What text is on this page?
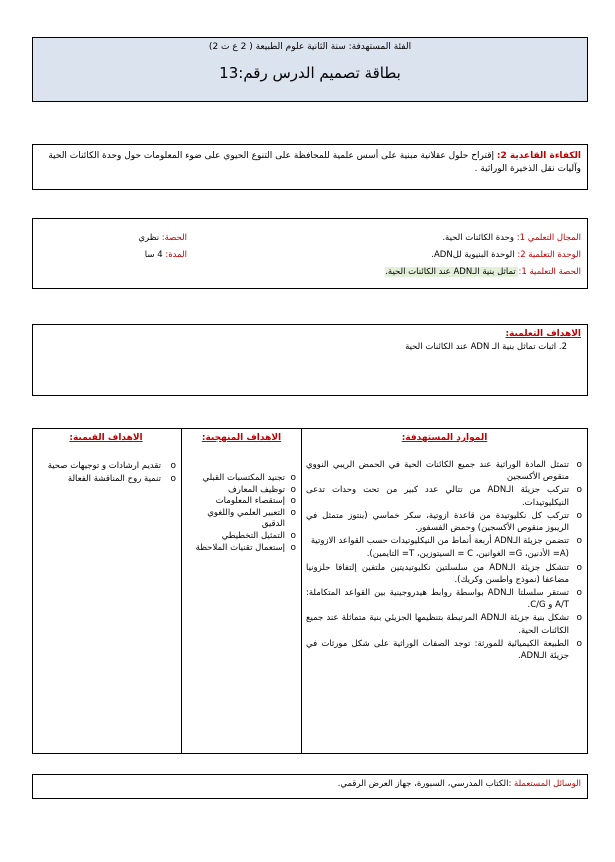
الفئة المستهدفة: سنة الثانية علوم الطبيعة ( 2 ع ت 2)
بطاقة تصميم الدرس رقم:13
الكفاءة القاعدية 2: إقتراح حلول عقلانية مبنية على أسس علمية للمحافظة على التنوع الحيوي على ضوء المعلومات حول وحدة الكائنات الحية وآليات نقل الذخيرة الوراثية .
المجال التعلمي 1: وحدة الكائنات الحية.
الوحدة التعلمية 2: الوحدة البنيوية للADN.
الحصة التعلمية 1: تماثل بنية الـADN عند الكائنات الحية.
الحصة: نظري
المدة: 4 سا
الاهداف التعلمية:
2. اثبات تماثل بنية الـ ADN عند الكائنات الحية
الموارد المستهدفة:
o
تتمثل المادة الوراثية عند جميع الكائنات الحية في الحمض الريبي النووي منقوص الأكسجين
o
تتركب جزيئة الـADN من تتالي عدد كبير من تحت وحدات تدعى النيكليوتيدات.
o
تتركب كل نكليوتيدة من قاعدة ازوتية، سكر خماسي (بنتوز متمثل في الريبوز منقوص الأكسجين) وحمض الفسفور.
o
تتضمن جزيئة الـADN أربعة أنماط من النيكليوتيدات حسب القواعد الازوتية
(A= الأدنين، G= الغوانين، C = السيتوزين، T= التايمين).
o
تتشكل جزيئة الـADN من سلسلتين نكليوتيديتين ملتفين إلتفافا حلزونيا مضاعفا (نموذج واطسن وكريك).
o
تستقر سلسلتا الـADN بواسطة روابط هيدروجينية بين القواعد المتكاملة: A/T و C/G.
o
تشكل بنية جزيئة الـADN المرتبطة بتنظيمها الجزيئي بنية متماثلة عند جميع الكائنات الحية.
o
الطبيعة الكيميائية للمورثة: توجد الصفات الوراثية على شكل مورثات في جزيئة الـADN.
الاهداف المنهجية:
o
تجنيد المكتسبات القبلي
o
توظيف المعارف
o
إستقصاء المعلومات
o
التعبير العلمي واللغوي الدقيق
o
التمثيل التخطيطي
o
إستعمال تقنيات الملاحظة
الاهداف القيمية:
o
تقديم ارشادات و توجيهات صحية
o
تنمية روح المناقشة الفعالة
الوسائل المستعملة :الكتاب المدرسي، السبورة، جهاز العرض الرقمي.
